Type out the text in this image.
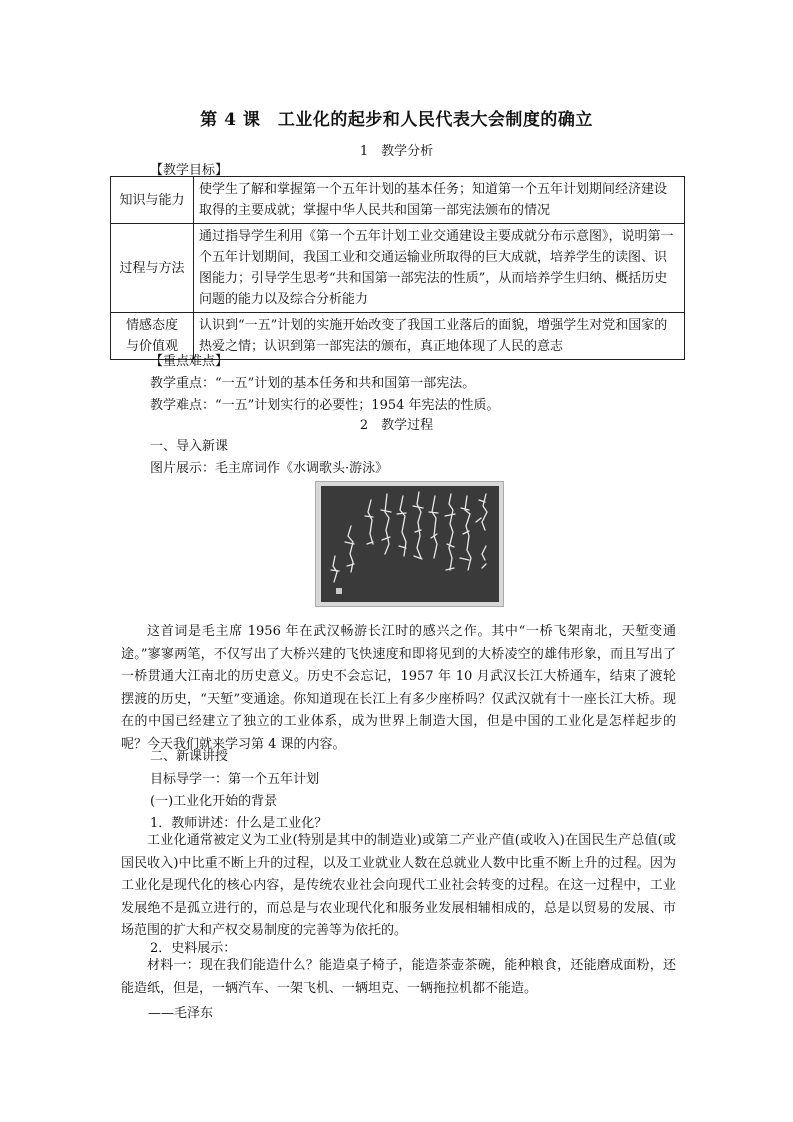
第 4 课　工业化的起步和人民代表大会制度的确立
1　教学分析
【教学目标】
知识与能力	使学生了解和掌握第一个五年计划的基本任务；知道第一个五年计划期间经济建设取得的主要成就；掌握中华人民共和国第一部宪法颁布的情况
过程与方法	通过指导学生利用《第一个五年计划工业交通建设主要成就分布示意图》，说明第一个五年计划期间，我国工业和交通运输业所取得的巨大成就，培养学生的读图、识图能力；引导学生思考“共和国第一部宪法的性质”，从而培养学生归纳、概括历史问题的能力以及综合分析能力
情感态度
与价值观	认识到“一五”计划的实施开始改变了我国工业落后的面貌，增强学生对党和国家的热爱之情；认识到第一部宪法的颁布，真正地体现了人民的意志
【重点难点】
教学重点：“一五”计划的基本任务和共和国第一部宪法。
教学难点：“一五”计划实行的必要性；1954 年宪法的性质。
2　教学过程
一、导入新课
图片展示：毛主席词作《水调歌头·游泳》
这首词是毛主席 1956 年在武汉畅游长江时的感兴之作。其中“一桥飞架南北，天堑变通途。”寥寥两笔，不仅写出了大桥兴建的飞快速度和即将见到的大桥凌空的雄伟形象，而且写出了一桥贯通大江南北的历史意义。历史不会忘记，1957 年 10 月武汉长江大桥通车，结束了渡轮摆渡的历史，“天堑”变通途。你知道现在长江上有多少座桥吗？仅武汉就有十一座长江大桥。现在的中国已经建立了独立的工业体系，成为世界上制造大国，但是中国的工业化是怎样起步的呢？今天我们就来学习第 4 课的内容。
二、新课讲授
目标导学一：第一个五年计划
(一)工业化开始的背景
1．教师讲述：什么是工业化？
工业化通常被定义为工业(特别是其中的制造业)或第二产业产值(或收入)在国民生产总值(或国民收入)中比重不断上升的过程，以及工业就业人数在总就业人数中比重不断上升的过程。因为工业化是现代化的核心内容，是传统农业社会向现代工业社会转变的过程。在这一过程中，工业发展绝不是孤立进行的，而总是与农业现代化和服务业发展相辅相成的，总是以贸易的发展、市场范围的扩大和产权交易制度的完善等为依托的。
2．史料展示：
材料一：现在我们能造什么？能造桌子椅子，能造茶壶茶碗，能种粮食，还能磨成面粉，还能造纸，但是，一辆汽车、一架飞机、一辆坦克、一辆拖拉机都不能造。
——毛泽东
